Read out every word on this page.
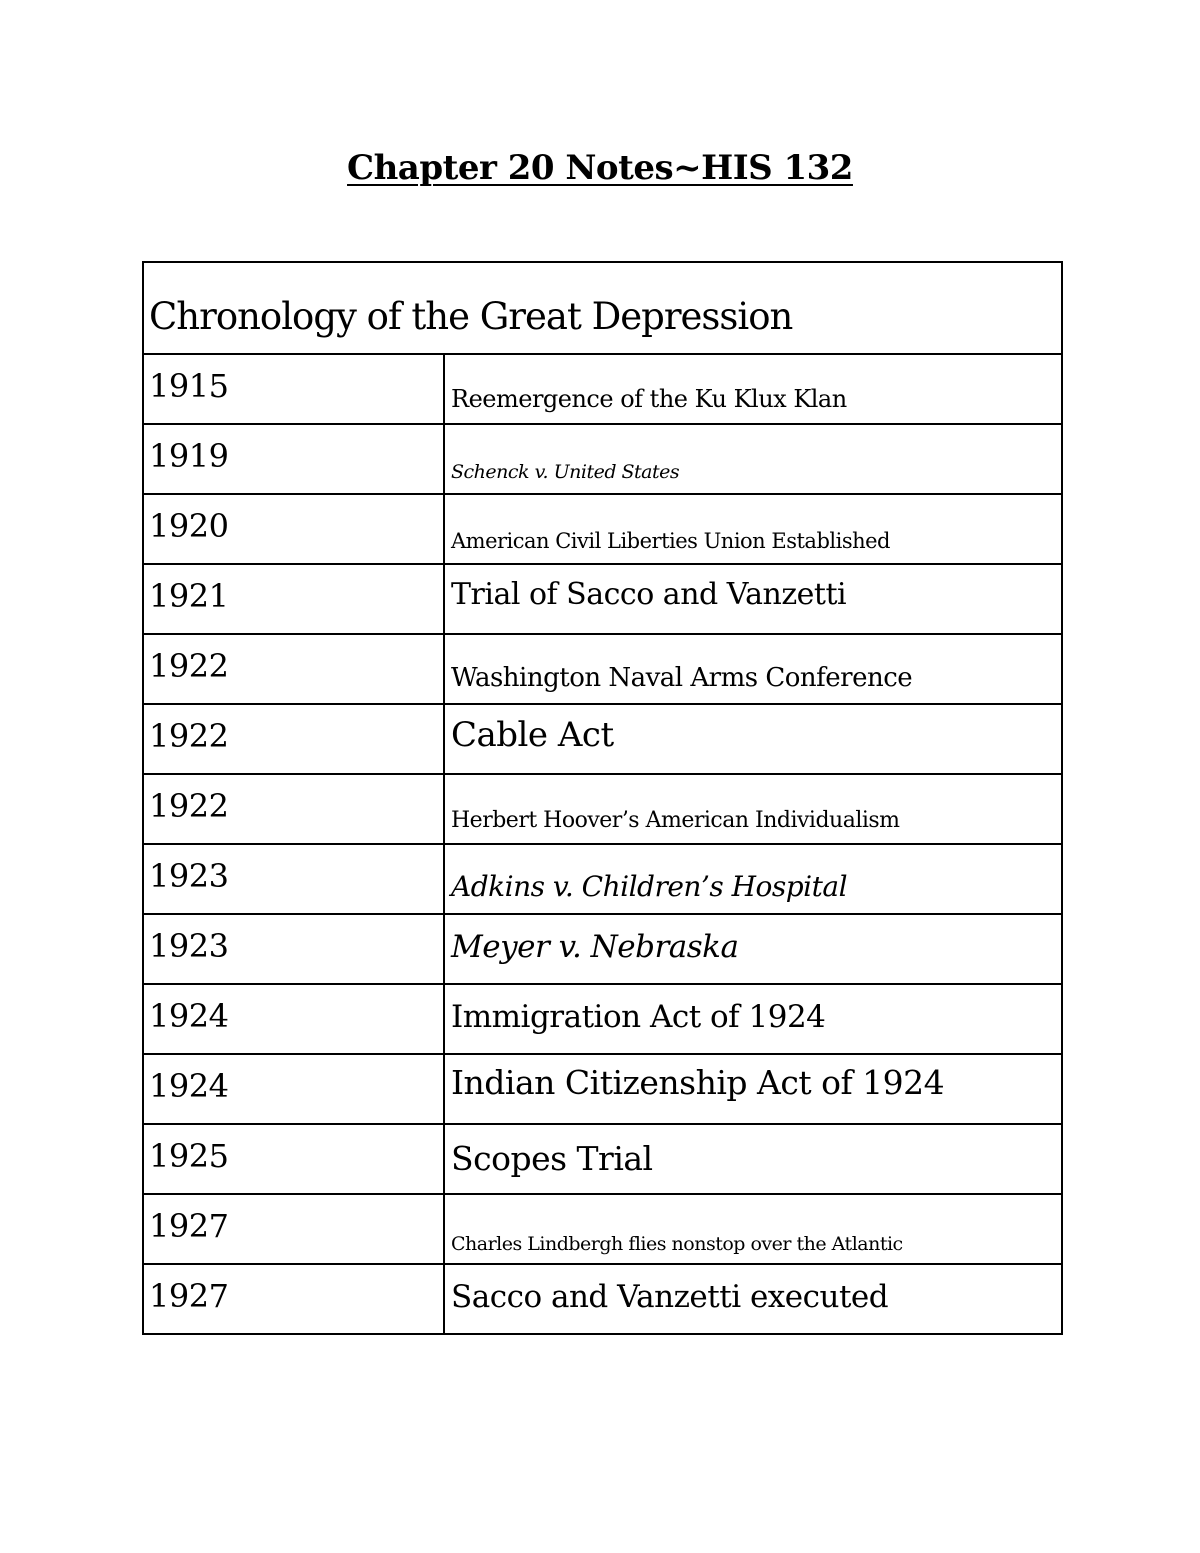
Chapter 20 Notes~HIS 132
Chronology of the Great Depression	
1915	Reemergence of the Ku Klux Klan

1919	Schenck v. United States

1920	American Civil Liberties Union Established

1921	Trial of Sacco and Vanzetti

1922	Washington Naval Arms Conference

1922	Cable Act

1922	Herbert Hoover’s American Individualism

1923	Adkins v. Children’s Hospital

1923	Meyer v. Nebraska

1924	Immigration Act of 1924

1924	Indian Citizenship Act of 1924

1925	Scopes Trial

1927	Charles Lindbergh flies nonstop over the Atlantic

1927	Sacco and Vanzetti executed
